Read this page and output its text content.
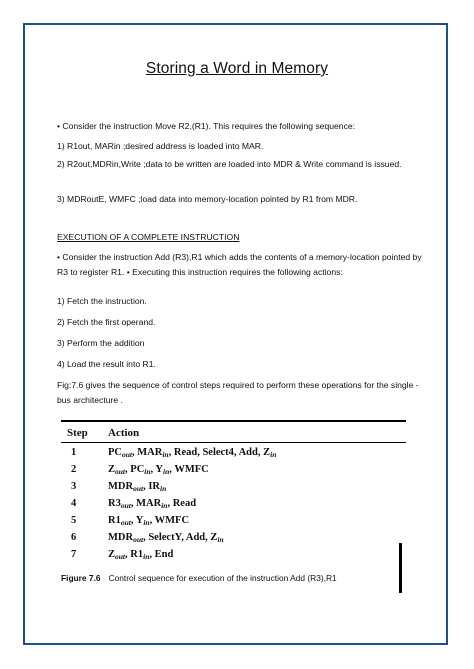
Storing a Word in Memory

• Consider the instruction Move R2,(R1). This requires the following sequence:

1) R1out, MARin ;desired address is loaded into MAR.

2) R2out,MDRin,Write ;data to be written are loaded into MDR & Write command is issued.

3) MDRoutE, WMFC ;load data into memory-location pointed by R1 from MDR.

EXECUTION OF A COMPLETE INSTRUCTION

• Consider the instruction Add (R3),R1 which adds the contents of a memory-location pointed by R3 to register R1. • Executing this instruction requires the following actions:

1) Fetch the instruction.

2) Fetch the first operand.

3) Perform the addition

4) Load the result into R1.

Fig:7.6 gives the sequence of control steps required to perform these operations for the single -bus architecture .

Step Action
1	$PC_{out}$, $MAR_{in}$, Read, Select4, Add, $Z_{in}$
2	$Z_{out}$, $PC_{in}$, $Y_{in}$, WMFC
3	$MDR_{out}$, $IR_{in}$
4	$R3_{out}$, $MAR_{in}$, Read
5	$R1_{out}$, $Y_{in}$, WMFC
6	$MDR_{out}$, SelectY, Add, $Z_{in}$
7	$Z_{out}$, $R1_{in}$, End
Figure 7.6 Control sequence for execution of the instruction Add (R3),R1
